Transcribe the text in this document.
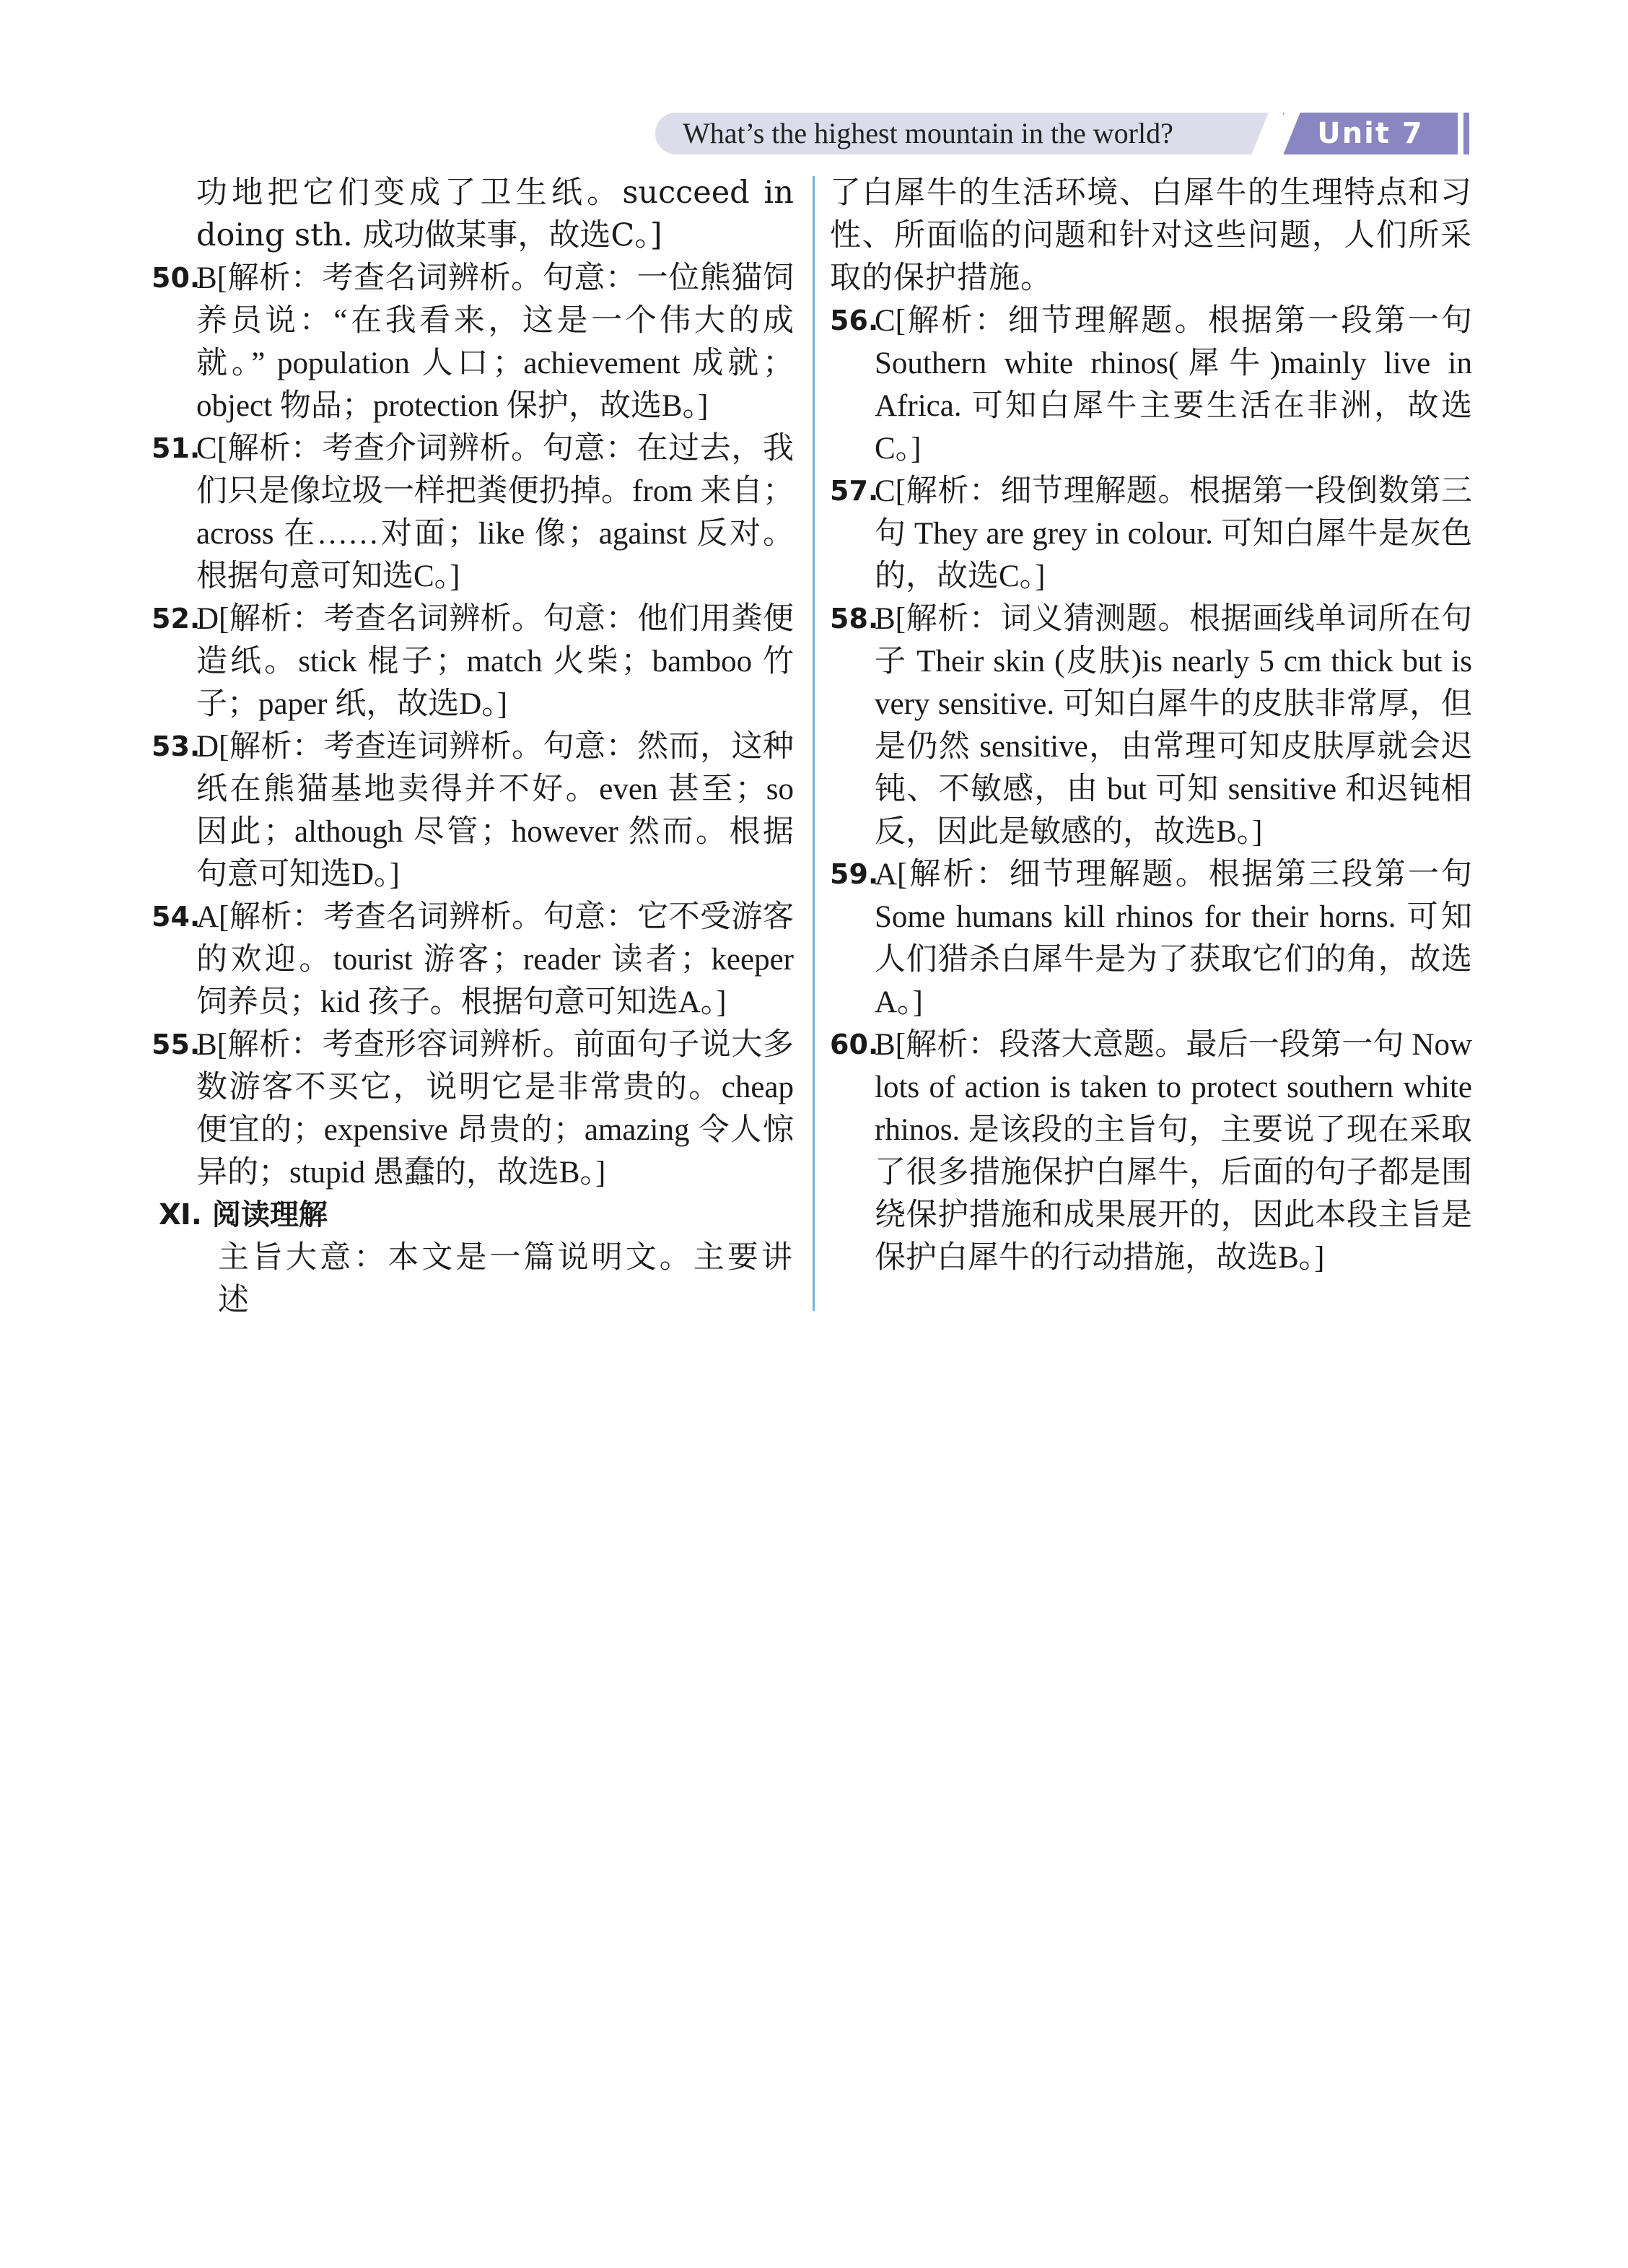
What’s the highest mountain in the world?	Unit 7

功地把它们变成了卫生纸。succeed in doing sth. 成功做某事，故选C。]

50.
B[解析：考查名词辨析。句意：一位熊猫饲养员说：“在我看来，这是一个伟大的成就。” population 人口；achievement 成就；object 物品；protection 保护，故选B。]

51.
C[解析：考查介词辨析。句意：在过去，我们只是像垃圾一样把粪便扔掉。from 来自；across 在……对面；like 像；against 反对。根据句意可知选C。]

52.
D[解析：考查名词辨析。句意：他们用粪便造纸。stick 棍子；match 火柴；bamboo 竹子；paper 纸，故选D。]

53.
D[解析：考查连词辨析。句意：然而，这种纸在熊猫基地卖得并不好。even 甚至；so 因此；although 尽管；however 然而。根据句意可知选D。]

54.
A[解析：考查名词辨析。句意：它不受游客的欢迎。tourist 游客；reader 读者；keeper 饲养员；kid 孩子。根据句意可知选A。]

55.
B[解析：考查形容词辨析。前面句子说大多数游客不买它，说明它是非常贵的。cheap 便宜的；expensive 昂贵的；amazing 令人惊异的；stupid 愚蠢的，故选B。]

Ⅺ. 阅读理解

主旨大意：本文是一篇说明文。主要讲述

了白犀牛的生活环境、白犀牛的生理特点和习性、所面临的问题和针对这些问题，人们所采取的保护措施。

56.
C[解析：细节理解题。根据第一段第一句 Southern white rhinos(犀牛)mainly live in Africa. 可知白犀牛主要生活在非洲，故选C。]

57.
C[解析：细节理解题。根据第一段倒数第三句 They are grey in colour. 可知白犀牛是灰色的，故选C。]

58.
B[解析：词义猜测题。根据画线单词所在句子 Their skin (皮肤)is nearly 5 cm thick but is very sensitive. 可知白犀牛的皮肤非常厚，但是仍然 sensitive，由常理可知皮肤厚就会迟钝、不敏感，由 but 可知 sensitive 和迟钝相反，因此是敏感的，故选B。]

59.
A[解析：细节理解题。根据第三段第一句 Some humans kill rhinos for their horns. 可知人们猎杀白犀牛是为了获取它们的角，故选A。]

60.
B[解析：段落大意题。最后一段第一句 Now lots of action is taken to protect southern white rhinos. 是该段的主旨句，主要说了现在采取了很多措施保护白犀牛，后面的句子都是围绕保护措施和成果展开的，因此本段主旨是保护白犀牛的行动措施，故选B。]
